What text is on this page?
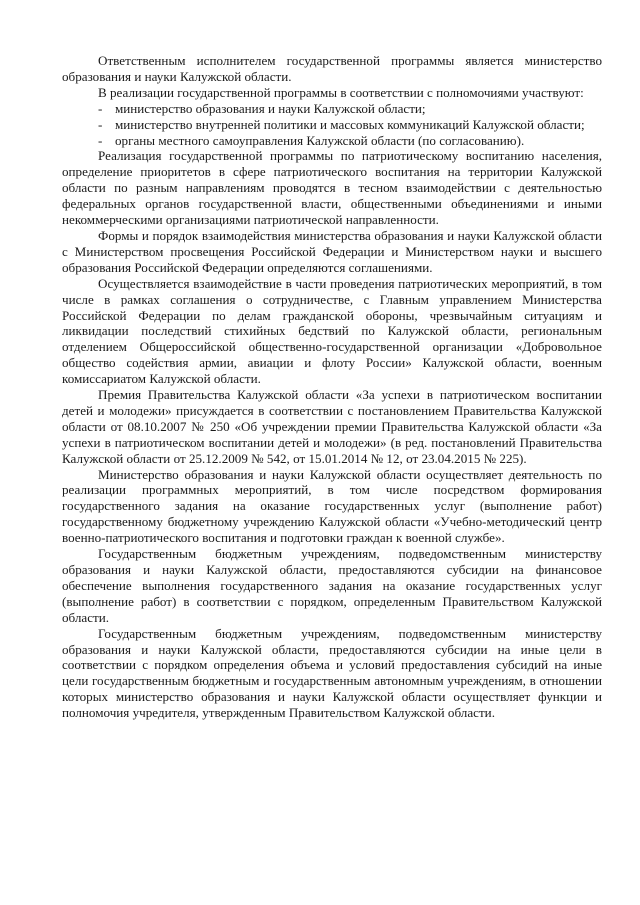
Ответственным исполнителем государственной программы является министерство образования и науки Калужской области.

В реализации государственной программы в соответствии с полномочиями участвуют:

- министерство образования и науки Калужской области;

- министерство внутренней политики и массовых коммуникаций Калужской области;

- органы местного самоуправления Калужской области (по согласованию).

Реализация государственной программы по патриотическому воспитанию населения, определение приоритетов в сфере патриотического воспитания на территории Калужской области по разным направлениям проводятся в тесном взаимодействии с деятельностью федеральных органов государственной власти, общественными объединениями и иными некоммерческими организациями патриотической направленности.

Формы и порядок взаимодействия министерства образования и науки Калужской области с Министерством просвещения Российской Федерации и Министерством науки и высшего образования Российской Федерации определяются соглашениями.

Осуществляется взаимодействие в части проведения патриотических мероприятий, в том числе в рамках соглашения о сотрудничестве, с Главным управлением Министерства Российской Федерации по делам гражданской обороны, чрезвычайным ситуациям и ликвидации последствий стихийных бедствий по Калужской области, региональным отделением Общероссийской общественно-государственной организации «Добровольное общество содействия армии, авиации и флоту России» Калужской области, военным комиссариатом Калужской области.

Премия Правительства Калужской области «За успехи в патриотическом воспитании детей и молодежи» присуждается в соответствии с постановлением Правительства Калужской области от 08.10.2007 № 250 «Об учреждении премии Правительства Калужской области «За успехи в патриотическом воспитании детей и молодежи» (в ред. постановлений Правительства Калужской области от 25.12.2009 № 542, от 15.01.2014 № 12, от 23.04.2015 № 225).

Министерство образования и науки Калужской области осуществляет деятельность по реализации программных мероприятий, в том числе посредством формирования государственного задания на оказание государственных услуг (выполнение работ) государственному бюджетному учреждению Калужской области «Учебно-методический центр военно-патриотического воспитания и подготовки граждан к военной службе».

Государственным бюджетным учреждениям, подведомственным министерству образования и науки Калужской области, предоставляются субсидии на финансовое обеспечение выполнения государственного задания на оказание государственных услуг (выполнение работ) в соответствии с порядком, определенным Правительством Калужской области.

Государственным бюджетным учреждениям, подведомственным министерству образования и науки Калужской области, предоставляются субсидии на иные цели в соответствии с порядком определения объема и условий предоставления субсидий на иные цели государственным бюджетным и государственным автономным учреждениям, в отношении которых министерство образования и науки Калужской области осуществляет функции и полномочия учредителя, утвержденным Правительством Калужской области.
